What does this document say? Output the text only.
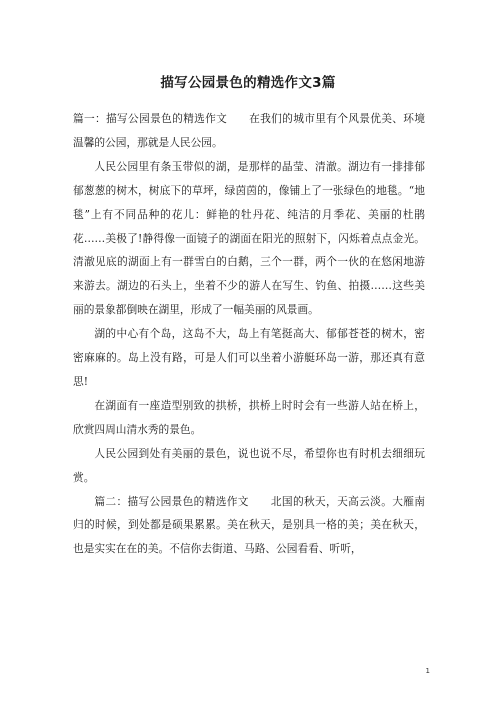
描写公园景色的精选作文3篇

篇一：描写公园景色的精选作文　　在我们的城市里有个风景优美、环境温馨的公园，那就是人民公园。

人民公园里有条玉带似的湖，是那样的晶莹、清澈。湖边有一排排郁郁葱葱的树木，树底下的草坪，绿茵茵的，像铺上了一张绿色的地毯。“地毯”上有不同品种的花儿：鲜艳的牡丹花、纯洁的月季花、美丽的杜鹃花……美极了!静得像一面镜子的湖面在阳光的照射下，闪烁着点点金光。清澈见底的湖面上有一群雪白的白鹅，三个一群，两个一伙的在悠闲地游来游去。湖边的石头上，坐着不少的游人在写生、钓鱼、拍摄……这些美丽的景象都倒映在湖里，形成了一幅美丽的风景画。

湖的中心有个岛，这岛不大，岛上有笔挺高大、郁郁苍苍的树木，密密麻麻的。岛上没有路，可是人们可以坐着小游艇环岛一游，那还真有意思!

在湖面有一座造型别致的拱桥，拱桥上时时会有一些游人站在桥上，欣赏四周山清水秀的景色。

人民公园到处有美丽的景色，说也说不尽，希望你也有时机去细细玩赏。

篇二：描写公园景色的精选作文　　北国的秋天，天高云淡。大雁南归的时候，到处都是硕果累累。美在秋天，是别具一格的美；美在秋天，也是实实在在的美。不信你去街道、马路、公园看看、听听，

1
